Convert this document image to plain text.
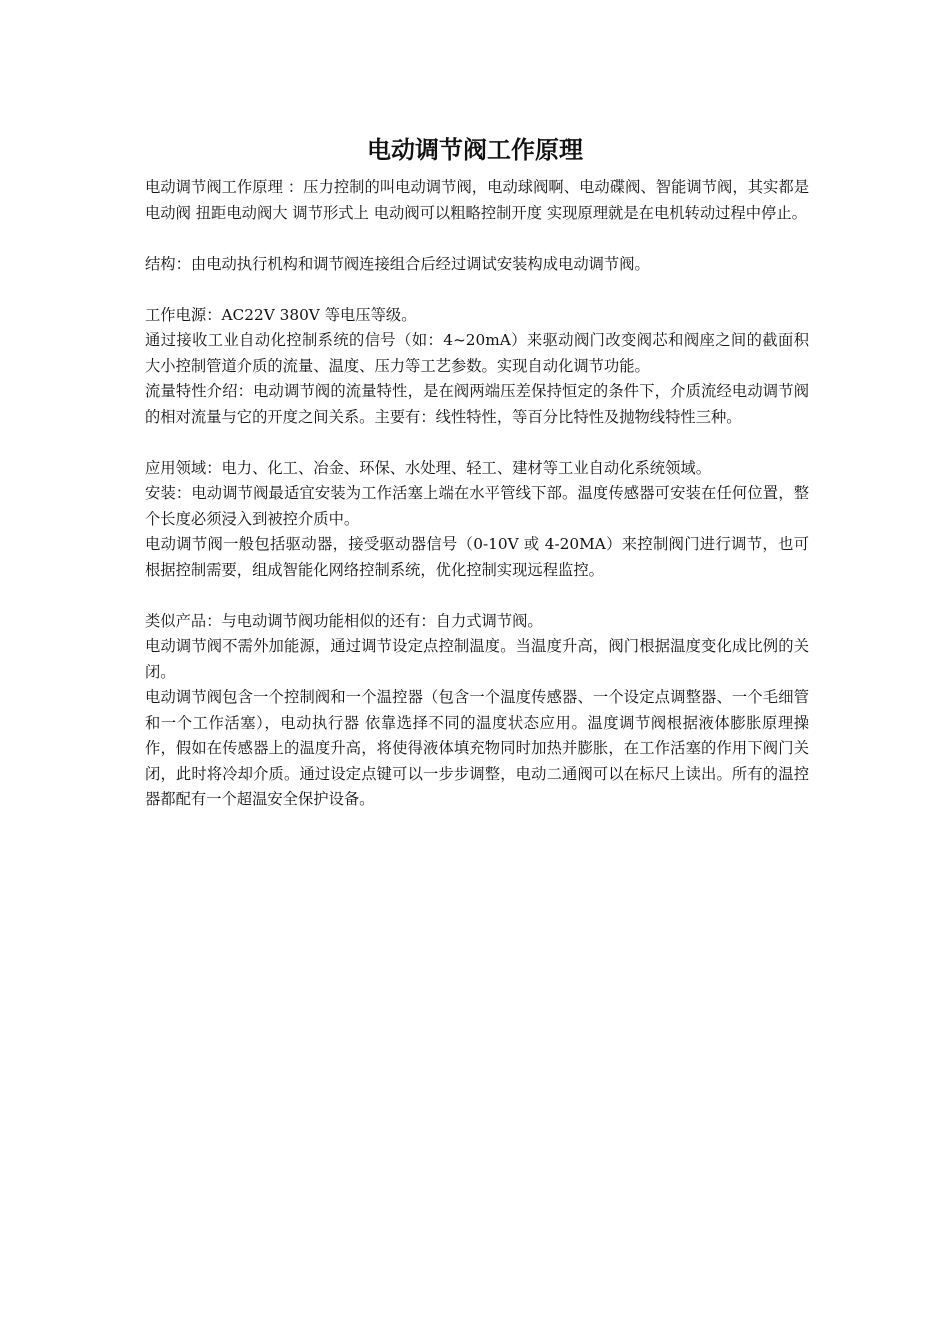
电动调节阀工作原理

电动调节阀工作原理 ：压力控制的叫电动调节阀，电动球阀啊、电动碟阀、智能调节阀，其实都是电动阀 扭距电动阀大 调节形式上 电动阀可以粗略控制开度 实现原理就是在电机转动过程中停止。

结构：由电动执行机构和调节阀连接组合后经过调试安装构成电动调节阀。

工作电源：AC22V 380V 等电压等级。

通过接收工业自动化控制系统的信号（如：4~20mA）来驱动阀门改变阀芯和阀座之间的截面积大小控制管道介质的流量、温度、压力等工艺参数。实现自动化调节功能。

流量特性介绍：电动调节阀的流量特性，是在阀两端压差保持恒定的条件下，介质流经电动调节阀的相对流量与它的开度之间关系。主要有：线性特性，等百分比特性及抛物线特性三种。

应用领域：电力、化工、冶金、环保、水处理、轻工、建材等工业自动化系统领域。

安装：电动调节阀最适宜安装为工作活塞上端在水平管线下部。温度传感器可安装在任何位置，整个长度必须浸入到被控介质中。

电动调节阀一般包括驱动器，接受驱动器信号（0-10V 或 4-20MA）来控制阀门进行调节，也可根据控制需要，组成智能化网络控制系统，优化控制实现远程监控。

类似产品：与电动调节阀功能相似的还有：自力式调节阀。

电动调节阀不需外加能源，通过调节设定点控制温度。当温度升高，阀门根据温度变化成比例的关闭。

电动调节阀包含一个控制阀和一个温控器（包含一个温度传感器、一个设定点调整器、一个毛细管和一个工作活塞），电动执行器 依靠选择不同的温度状态应用。温度调节阀根据液体膨胀原理操作，假如在传感器上的温度升高，将使得液体填充物同时加热并膨胀，在工作活塞的作用下阀门关闭，此时将冷却介质。通过设定点键可以一步步调整，电动二通阀可以在标尺上读出。所有的温控器都配有一个超温安全保护设备。
